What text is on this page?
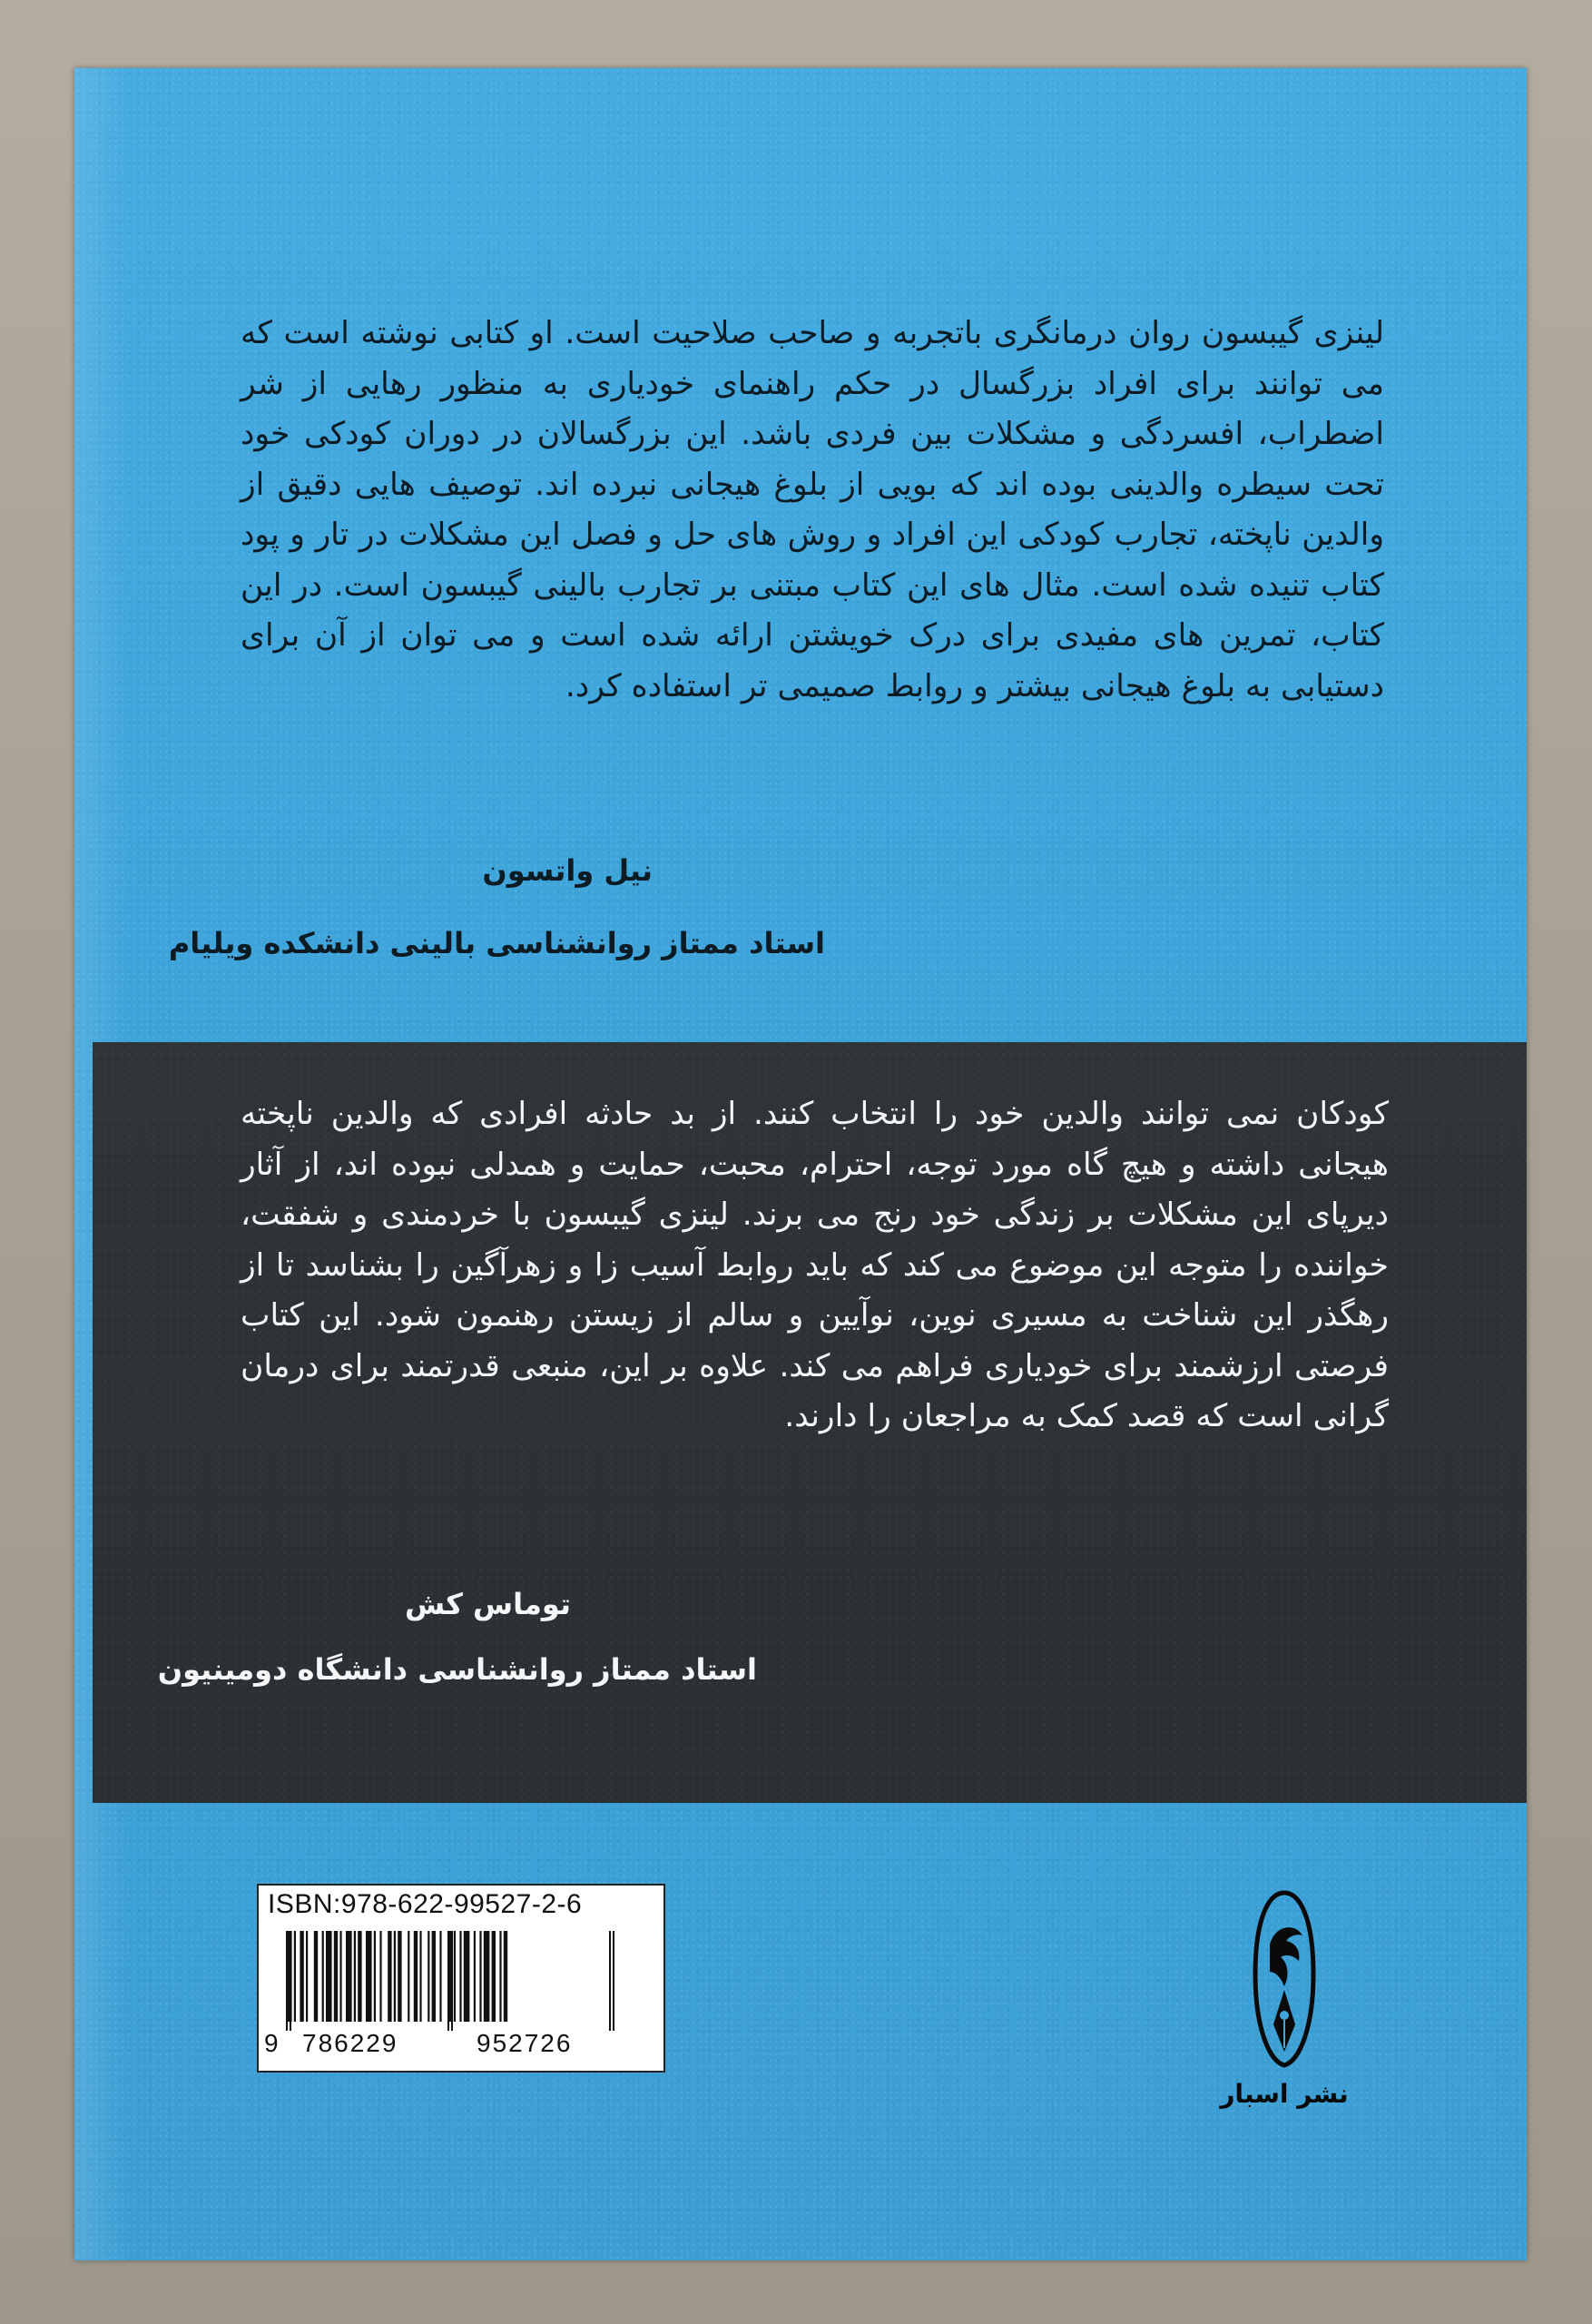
لینزی گیبسون روان درمانگری باتجربه و صاحب صلاحیت است. او کتابی نوشته است که می توانند برای افراد بزرگسال در حکم راهنمای خودیاری به منظور رهایی از شر اضطراب، افسردگی و مشکلات بین فردی باشد. این بزرگسالان در دوران کودکی خود تحت سیطره والدینی بوده اند که بویی از بلوغ هیجانی نبرده اند. توصیف هایی دقیق از والدین ناپخته، تجارب کودکی این افراد و روش های حل و فصل این مشکلات در تار و پود کتاب تنیده شده است. مثال های این کتاب مبتنی بر تجارب بالینی گیبسون است. در این کتاب، تمرین های مفیدی برای درک خویشتن ارائه شده است و می توان از آن برای دستیابی به بلوغ هیجانی بیشتر و روابط صمیمی تر استفاده کرد.

نیل واتسون
استاد ممتاز روانشناسی بالینی دانشکده ویلیام

کودکان نمی توانند والدین خود را انتخاب کنند. از بد حادثه افرادی که والدین ناپخته هیجانی داشته و هیچ گاه مورد توجه، احترام، محبت، حمایت و همدلی نبوده اند، از آثار دیرپای این مشکلات بر زندگی خود رنج می برند. لینزی گیبسون با خردمندی و شفقت، خواننده را متوجه این موضوع می کند که باید روابط آسیب زا و زهرآگین را بشناسد تا از رهگذر این شناخت به مسیری نوین، نوآیین و سالم از زیستن رهنمون شود. این کتاب فرصتی ارزشمند برای خودیاری فراهم می کند. علاوه بر این، منبعی قدرتمند برای درمان گرانی است که قصد کمک به مراجعان را دارند.

توماس کش
استاد ممتاز روانشناسی دانشگاه دومینیون
ISBN:978-622-99527-2-6
9 786229	952726
نشر اسبار
